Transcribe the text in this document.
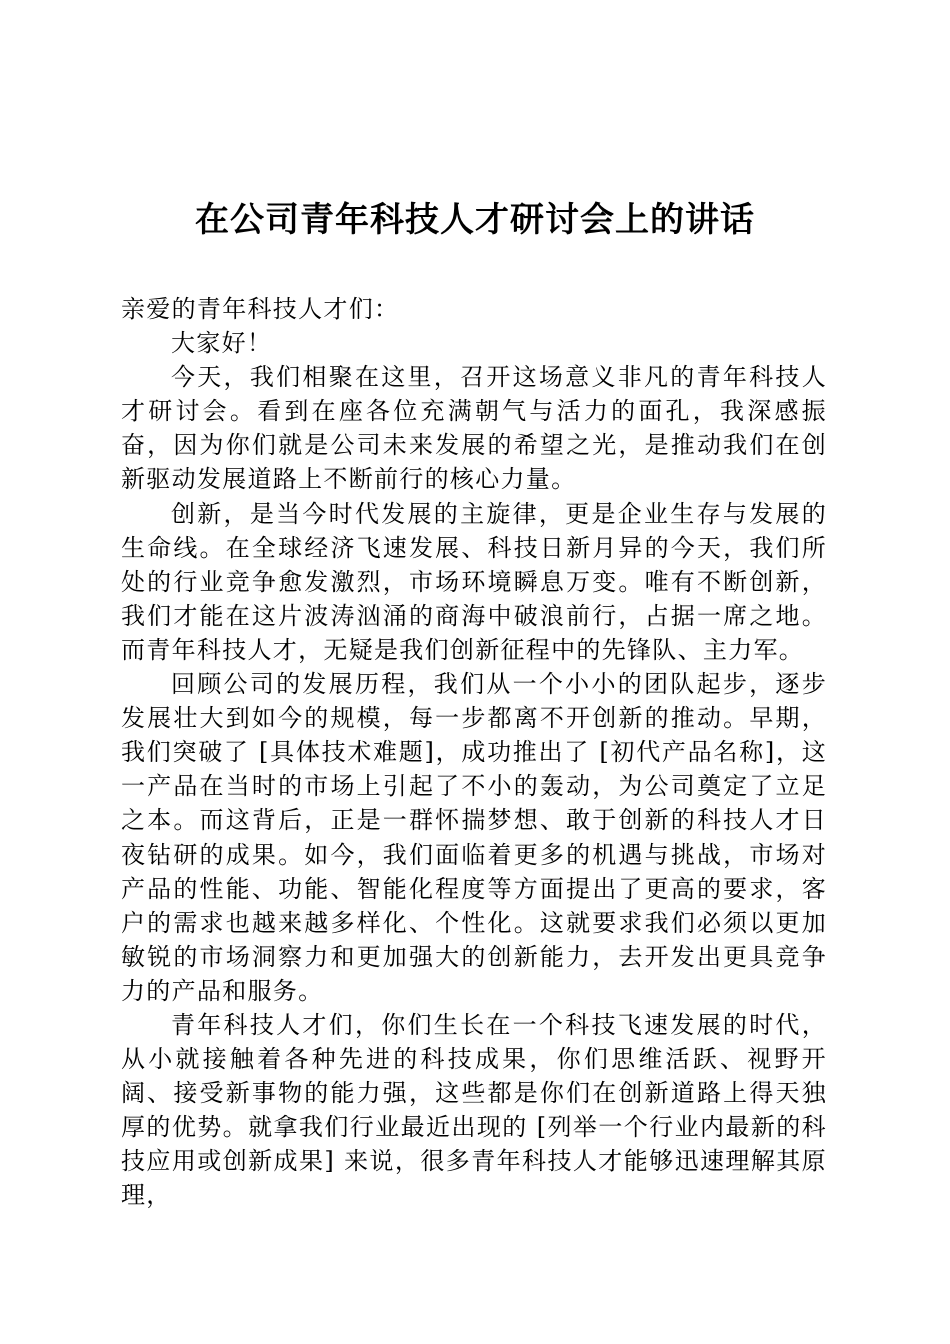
在公司青年科技人才研讨会上的讲话

亲爱的青年科技人才们：

大家好！

今天，我们相聚在这里，召开这场意义非凡的青年科技人才研讨会。看到在座各位充满朝气与活力的面孔，我深感振奋，因为你们就是公司未来发展的希望之光，是推动我们在创新驱动发展道路上不断前行的核心力量。

创新，是当今时代发展的主旋律，更是企业生存与发展的生命线。在全球经济飞速发展、科技日新月异的今天，我们所处的行业竞争愈发激烈，市场环境瞬息万变。唯有不断创新，我们才能在这片波涛汹涌的商海中破浪前行，占据一席之地。而青年科技人才，无疑是我们创新征程中的先锋队、主力军。

回顾公司的发展历程，我们从一个小小的团队起步，逐步发展壮大到如今的规模，每一步都离不开创新的推动。早期，我们突破了 [具体技术难题]，成功推出了 [初代产品名称]，这一产品在当时的市场上引起了不小的轰动，为公司奠定了立足之本。而这背后，正是一群怀揣梦想、敢于创新的科技人才日夜钻研的成果。如今，我们面临着更多的机遇与挑战，市场对产品的性能、功能、智能化程度等方面提出了更高的要求，客户的需求也越来越多样化、个性化。这就要求我们必须以更加敏锐的市场洞察力和更加强大的创新能力，去开发出更具竞争力的产品和服务。

青年科技人才们，你们生长在一个科技飞速发展的时代，从小就接触着各种先进的科技成果，你们思维活跃、视野开阔、接受新事物的能力强，这些都是你们在创新道路上得天独厚的优势。就拿我们行业最近出现的 [列举一个行业内最新的科技应用或创新成果] 来说，很多青年科技人才能够迅速理解其原理，
